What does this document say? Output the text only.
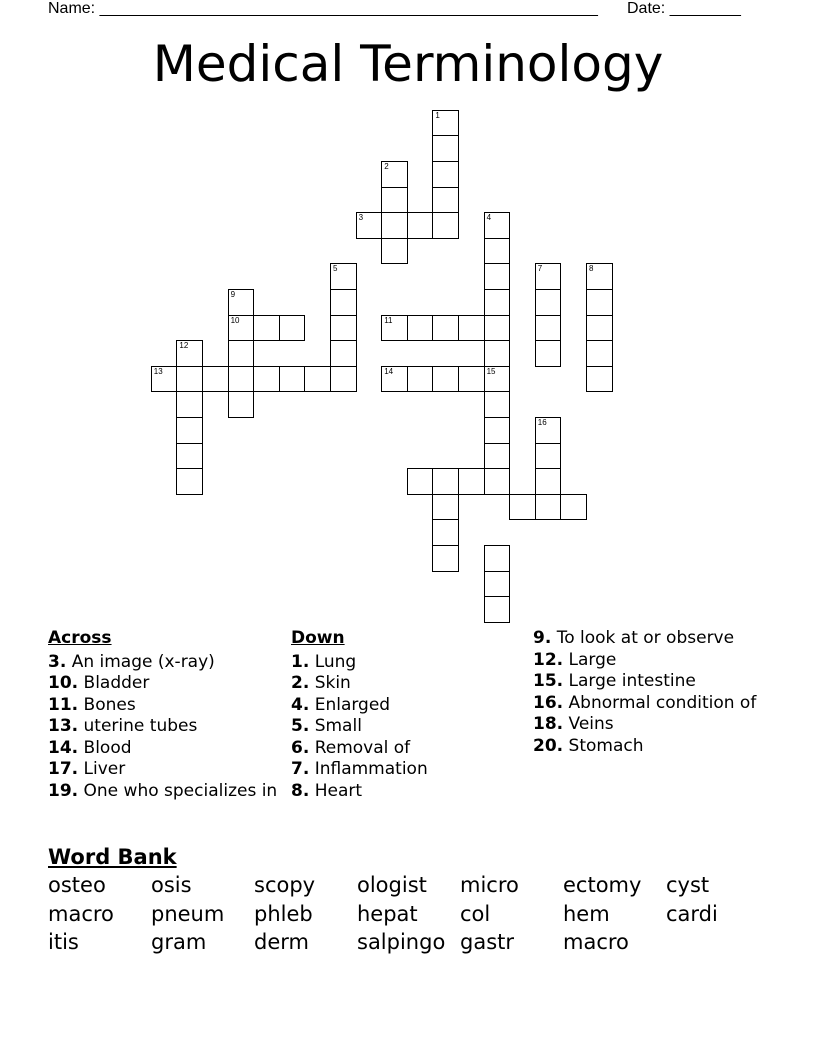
Name: ________________________________________________________ Date: ________
Medical Terminology
1
2
3	4
15
5	7	8
9
10	11
12
13	14
16
Across
3. An image (x-ray)
10. Bladder
11. Bones
13. uterine tubes
14. Blood
17. Liver
19. One who specializes in
Down
1. Lung
2. Skin
4. Enlarged
5. Small
6. Removal of
7. Inflammation
8. Heart
9. To look at or observe
12. Large
15. Large intestine
16. Abnormal condition of
18. Veins
20. Stomach
Word Bank
osteo osis	scopy ologist micro ectomy cyst
macro pneum phleb hepat col	hem	cardi
itis	gram derm salpingo gastr macro
